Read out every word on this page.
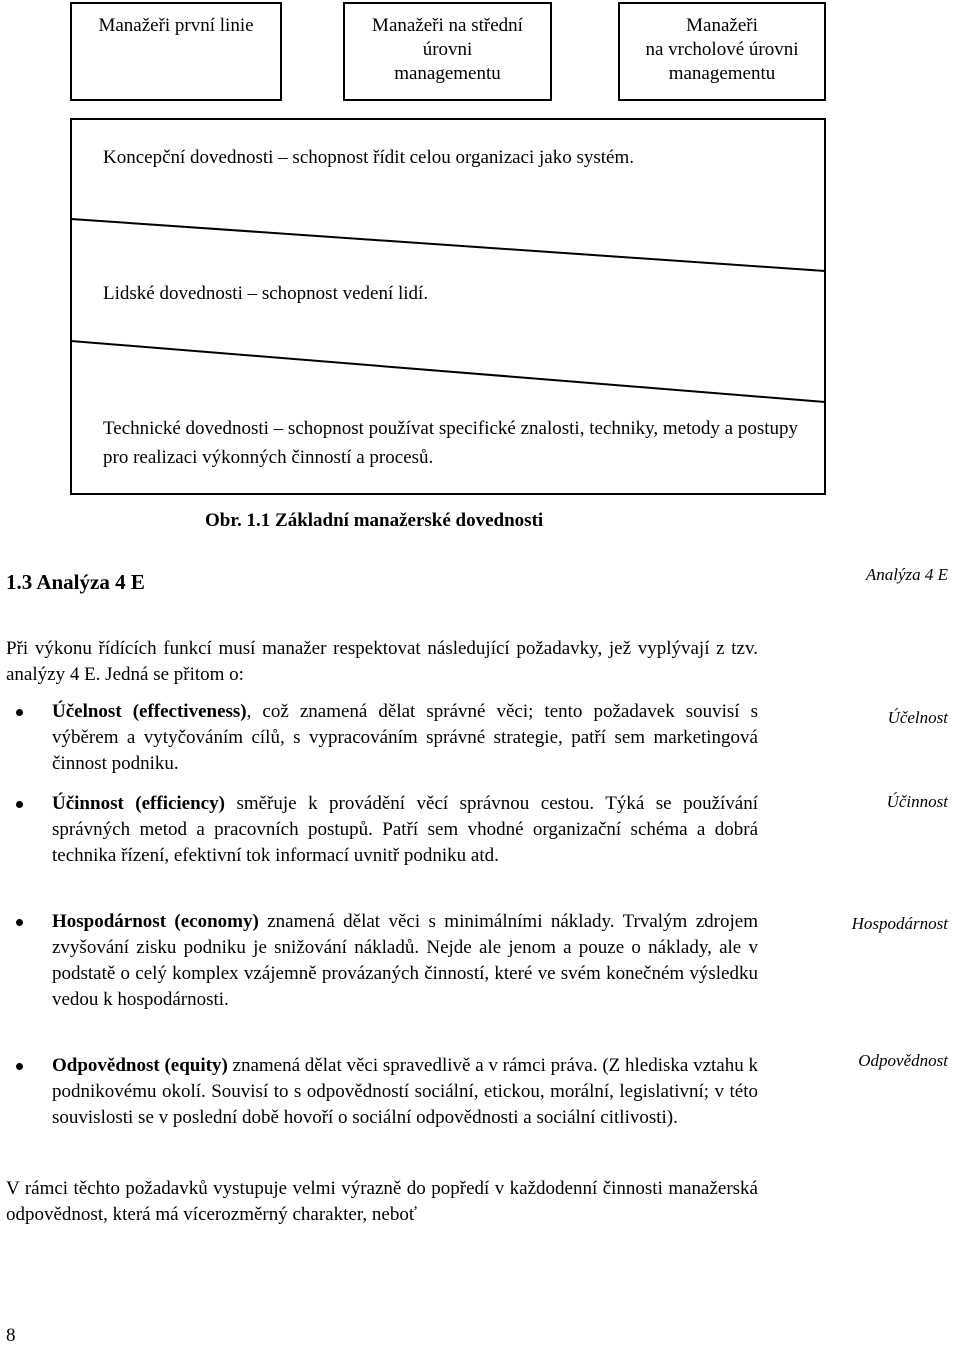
Manažeři první linie	Manažeři na střední
úrovni
managementu
Manažeři
na vrcholové úrovni
managementu
Koncepční dovednosti – schopnost řídit celou organizaci jako systém.
Lidské dovednosti – schopnost vedení lidí.
Technické dovednosti – schopnost používat specifické znalosti, techniky, metody a postupy pro realizaci výkonných činností a procesů.
Obr. 1.1 Základní manažerské dovednosti
1.3 Analýza 4 E	Analýza 4 E
Při výkonu řídících funkcí musí manažer respektovat následující požadavky, jež vyplývají z tzv. analýzy 4 E. Jedná se přitom o:
Účelnost (effectiveness), což znamená dělat správné věci; tento požadavek souvisí s výběrem a vytyčováním cílů, s vypracováním správné strategie, patří sem marketingová činnost podniku.
Účelnost
Účinnost (efficiency) směřuje k provádění věcí správnou cestou. Týká se používání správných metod a pracovních postupů. Patří sem vhodné organizační schéma a dobrá technika řízení, efektivní tok informací uvnitř podniku atd.
Účinnost
Hospodárnost (economy) znamená dělat věci s minimálními náklady. Trvalým zdrojem zvyšování zisku podniku je snižování nákladů. Nejde ale jenom a pouze o náklady, ale v podstatě o celý komplex vzájemně provázaných činností, které ve svém konečném výsledku vedou k hospodárnosti.
Hospodárnost
Odpovědnost (equity) znamená dělat věci spravedlivě a v rámci práva. (Z hlediska vztahu k podnikovému okolí. Souvisí to s odpovědností sociální, etickou, morální, legislativní; v této souvislosti se v poslední době hovoří o sociální odpovědnosti a sociální citlivosti).
Odpovědnost
V rámci těchto požadavků vystupuje velmi výrazně do popředí v každodenní činnosti manažerská odpovědnost, která má vícerozměrný charakter, neboť
8
